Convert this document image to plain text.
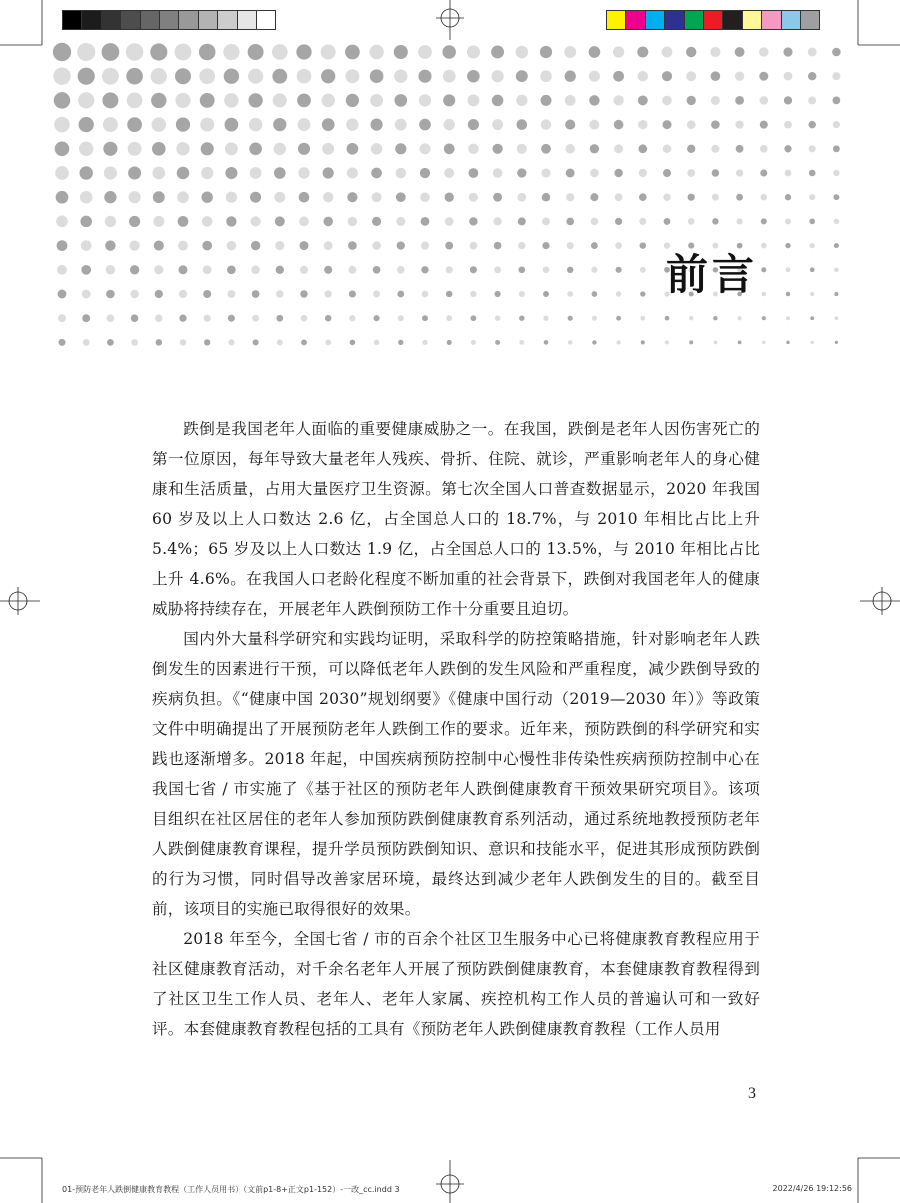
前言

跌倒是我国老年人面临的重要健康威胁之一。在我国，跌倒是老年人因伤害死亡的第一位原因，每年导致大量老年人残疾、骨折、住院、就诊，严重影响老年人的身心健康和生活质量，占用大量医疗卫生资源。第七次全国人口普查数据显示，2020 年我国 60 岁及以上人口数达 2.6 亿，占全国总人口的 18.7%，与 2010 年相比占比上升 5.4%；65 岁及以上人口数达 1.9 亿，占全国总人口的 13.5%，与 2010 年相比占比上升 4.6%。在我国人口老龄化程度不断加重的社会背景下，跌倒对我国老年人的健康威胁将持续存在，开展老年人跌倒预防工作十分重要且迫切。

国内外大量科学研究和实践均证明，采取科学的防控策略措施，针对影响老年人跌倒发生的因素进行干预，可以降低老年人跌倒的发生风险和严重程度，减少跌倒导致的疾病负担。《“健康中国 2030”规划纲要》《健康中国行动（2019—2030 年）》等政策文件中明确提出了开展预防老年人跌倒工作的要求。近年来，预防跌倒的科学研究和实践也逐渐增多。2018 年起，中国疾病预防控制中心慢性非传染性疾病预防控制中心在我国七省 / 市实施了《基于社区的预防老年人跌倒健康教育干预效果研究项目》。该项目组织在社区居住的老年人参加预防跌倒健康教育系列活动，通过系统地教授预防老年人跌倒健康教育课程，提升学员预防跌倒知识、意识和技能水平，促进其形成预防跌倒的行为习惯，同时倡导改善家居环境，最终达到减少老年人跌倒发生的目的。截至目前，该项目的实施已取得很好的效果。

2018 年至今，全国七省 / 市的百余个社区卫生服务中心已将健康教育教程应用于社区健康教育活动，对千余名老年人开展了预防跌倒健康教育，本套健康教育教程得到了社区卫生工作人员、老年人、老年人家属、疾控机构工作人员的普遍认可和一致好评。本套健康教育教程包括的工具有《预防老年人跌倒健康教育教程（工作人员用

3
01-预防老年人跌倒健康教育教程（工作人员用书）（文前p1-8+正文p1-152）-一改_cc.indd 3	2022/4/26 19:12:56
